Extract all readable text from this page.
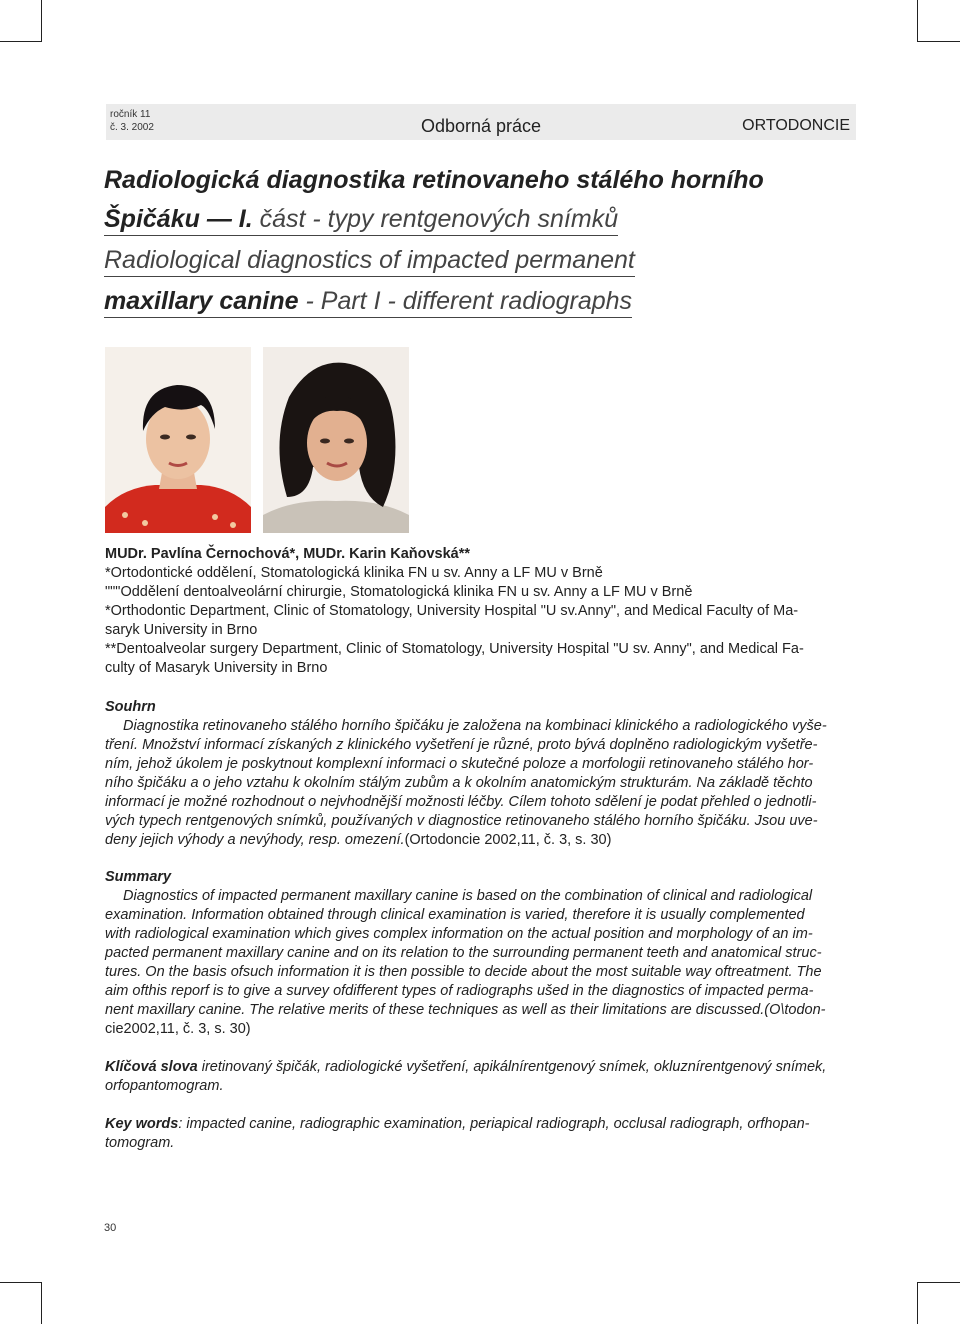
ročník 11
č. 3. 2002	Odborná práce	ORTODONCIE
Radiologická diagnostika retinovaneho stálého horního
Špičáku — I. část - typy rentgenových snímků
Radiological diagnostics of impacted permanent
maxillary canine - Part I - different radiographs
MUDr. Pavlína Černochová*, MUDr. Karin Kaňovská**
*Ortodontické oddělení, Stomatologická klinika FN u sv. Anny a LF MU v Brně
"""Oddělení dentoalveolární chirurgie, Stomatologická klinika FN u sv. Anny a LF MU v Brně
*Orthodontic Department, Clinic of Stomatology, University Hospital "U sv.Anny", and Medical Faculty of Ma-
saryk University in Brno
**Dentoalveolar surgery Department, Clinic of Stomatology, University Hospital "U sv. Anny", and Medical Fa-
culty of Masaryk University in Brno
Souhrn
Diagnostika retinovaneho stálého horního špičáku je založena na kombinaci klinického a radiologického vyše-
tření. Množství informací získaných z klinického vyšetření je různé, proto bývá doplněno radiologickým vyšetře-
ním, jehož úkolem je poskytnout komplexní informaci o skutečné poloze a morfologii retinovaneho stálého hor-
ního špičáku a o jeho vztahu k okolním stálým zubům a k okolním anatomickým strukturám. Na základě těchto
informací je možné rozhodnout o nejvhodnější možnosti léčby. Cílem tohoto sdělení je podat přehled o jednotli-
vých typech rentgenových snímků, používaných v diagnostice retinovaneho stálého horního špičáku. Jsou uve-
deny jejich výhody a nevýhody, resp. omezení.(Ortodoncie 2002,11, č. 3, s. 30)
Summary
Diagnostics of impacted permanent maxillary canine is based on the combination of clinical and radiological
examination. Information obtained through clinical examination is varied, therefore it is usually complemented
with radiological examination which gives complex information on the actual position and morphology of an im-
pacted permanent maxillary canine and on its relation to the surrounding permanent teeth and anatomical struc-
tures. On the basis ofsuch information it is then possible to decide about the most suitable way oftreatment. The
aim ofthis reporf is to give a survey ofdifferent types of radiographs ušed in the diagnostics of impacted perma-
nent maxillary canine. The relative merits of these techniques as well as their limitations are discussed.(O\todon-
cie2002,11, č. 3, s. 30)
Klíčová slova iretinovaný špičák, radiologické vyšetření, apikálnírentgenový snímek, okluznírentgenový snímek,
orfopantomogram.
Key words: impacted canine, radiographic examination, periapical radiograph, occlusal radiograph, orfhopan-
tomogram.
30
